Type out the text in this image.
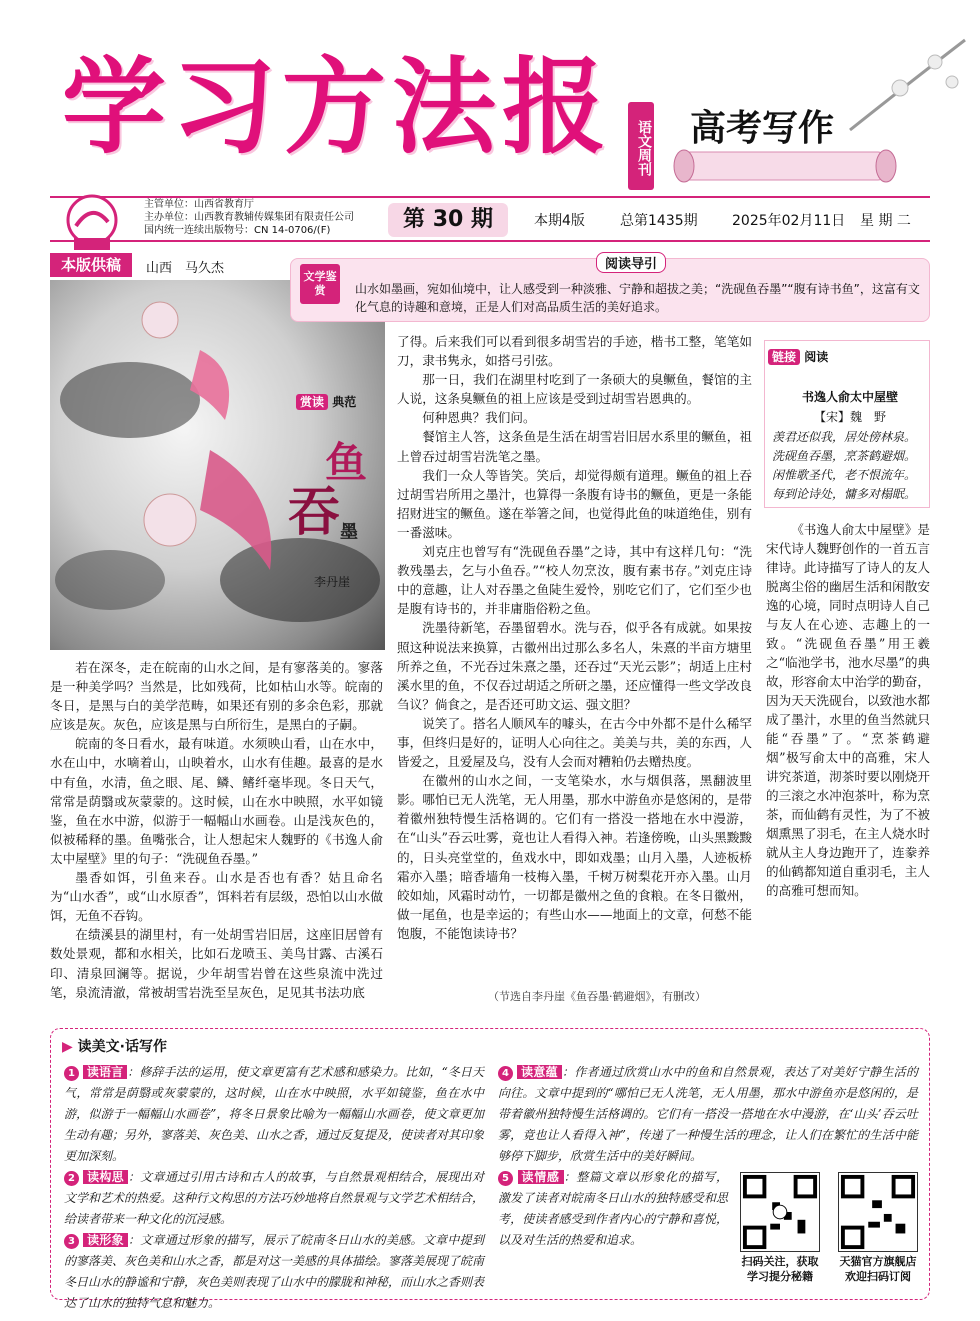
学习方法报	语文周刊 高考写作
主管单位：山西省教育厅
主办单位：山西教育教辅传媒集团有限责任公司
国内统一连续出版物号：CN 14-0706/(F)	第 30 期	本期4版	总第1435期 2025年02月11日 星 期 二
本版供稿	山西　马久杰
文学鉴赏
阅读导引
山水如墨画，宛如仙境中，让人感受到一种淡雅、宁静和超拔之美；“洗砚鱼吞墨”“腹有诗书鱼”，这富有文化气息的诗趣和意境，正是人们对高品质生活的美好追求。
赏读 典范
鱼
吞 墨
李丹崖

若在深冬，走在皖南的山水之间，是有寥落美的。寥落是一种美学吗？当然是，比如残荷，比如枯山水等。皖南的冬日，是黑与白的美学范畴，如果还有别的多余色彩，那就应该是灰。灰色，应该是黑与白所衍生，是黑白的子嗣。

皖南的冬日看水，最有味道。水须映山看，山在水中，水在山中，水嘀着山，山映着水，山水有佳趣。最喜的是水中有鱼，水清，鱼之眼、尾、鳞、鳍纤毫毕现。冬日天气，常常是荫翳或灰蒙蒙的。这时候，山在水中映照，水平如镜鉴，鱼在水中游，似游于一幅幅山水画卷。山是浅灰色的，似被稀释的墨。鱼嘴张合，让人想起宋人魏野的《书逸人俞太中屋壁》里的句子：“洗砚鱼吞墨。”

墨香如饵，引鱼来吞。山水是否也有香？姑且命名为“山水香”，或“山水原香”，饵料若有层级，恐怕以山水做饵，无鱼不吞钩。

在绩溪县的湖里村，有一处胡雪岩旧居，这座旧居曾有数处景观，都和水相关，比如石龙喷玉、美鸟甘露、古溪石印、清泉回澜等。据说，少年胡雪岩曾在这些泉流中洗过笔，泉流清澈，常被胡雪岩洗至呈灰色，足见其书法功底

了得。后来我们可以看到很多胡雪岩的手迹，楷书工整，笔笔如刀，隶书隽永，如搭弓引弦。

那一日，我们在湖里村吃到了一条硕大的臭鳜鱼，餐馆的主人说，这条臭鳜鱼的祖上应该是受到过胡雪岩恩典的。

何种恩典？我们问。

餐馆主人答，这条鱼是生活在胡雪岩旧居水系里的鳜鱼，祖上曾吞过胡雪岩洗笔之墨。

我们一众人等皆笑。笑后，却觉得颇有道理。鳜鱼的祖上吞过胡雪岩所用之墨汁，也算得一条腹有诗书的鳜鱼，更是一条能招财进宝的鳜鱼。遂在举箸之间，也觉得此鱼的味道绝佳，别有一番滋味。

刘克庄也曾写有“洗砚鱼吞墨”之诗，其中有这样几句：“洗教残墨去，乞与小鱼吞。”“校人勿烹汝，腹有素书存。”刘克庄诗中的意趣，让人对吞墨之鱼陡生爱怜，别吃它们了，它们至少也是腹有诗书的，并非庸脂俗粉之鱼。

洗墨待新笔，吞墨留碧水。洗与吞，似乎各有成就。如果按照这种说法来换算，古徽州出过那么多名人，朱熹的半亩方塘里所养之鱼，不光吞过朱熹之墨，还吞过“天光云影”；胡适上庄村溪水里的鱼，不仅吞过胡适之所研之墨，还应懂得一些文学改良刍议？倘食之，是否还可助文运、强文胆？

说笑了。搭名人顺风车的噱头，在古今中外都不是什么稀罕事，但终归是好的，证明人心向往之。美美与共，美的东西，人皆爱之，且爱屋及乌，没有人会而对糟粕仍去赠热度。

在徽州的山水之间，一支笔染水，水与烟俱落，黑翻波里影。哪怕已无人洗笔，无人用墨，那水中游鱼亦是悠闲的，是带着徽州独特慢生活格调的。它们有一搭没一搭地在水中漫游，在“山头”吞云吐雾，竟也让人看得入神。若逢傍晚，山头黑黢黢的，日头亮堂堂的，鱼戏水中，即如戏墨；山月入墨，人迹板桥霜亦入墨；暗香墙角一枝梅入墨，千树万树梨花开亦入墨。山月皎如灿，风霜时动竹，一切都是徽州之鱼的食粮。在冬日徽州，做一尾鱼，也是幸运的；有些山水——地面上的文章，何愁不能饱腹，不能饱读诗书？

（节选自李丹崖《鱼吞墨·鹤避烟》，有删改）
链接 阅读
书逸人俞太中屋壁
【宋】魏　野
羡君还似我，居处傍林泉。
洗砚鱼吞墨，烹茶鹤避烟。
闲惟歌圣代，老不恨流年。
每到论诗处，慵多对榻眠。
《书逸人俞太中屋壁》是宋代诗人魏野创作的一首五言律诗。此诗描写了诗人的友人脱离尘俗的幽居生活和闲散安逸的心境，同时点明诗人自己与友人在心迹、志趣上的一致。“洗砚鱼吞墨”用王羲之“临池学书，池水尽墨”的典故，形容俞太中治学的勤奋，因为天天洗砚台，以致池水都成了墨汁，水里的鱼当然就只能“吞墨”了。“烹茶鹤避烟”极写俞太中的高雅，宋人讲究茶道，沏茶时要以刚烧开的三滚之水冲泡茶叶，称为烹茶，而仙鹤有灵性，为了不被烟熏黑了羽毛，在主人烧水时就从主人身边跑开了，连豢养的仙鹤都知道自重羽毛，主人的高雅可想而知。
▶ 读美文·话写作
1 读语言 ：修辞手法的运用，使文章更富有艺术感和感染力。比如，“冬日天气，常常是荫翳或灰蒙蒙的，这时候，山在水中映照，水平如镜鉴，鱼在水中游，似游于一幅幅山水画卷”，将冬日景象比喻为一幅幅山水画卷，使文章更加生动有趣；另外，寥落美、灰色美、山水之香，通过反复提及，使读者对其印象更加深刻。
2 读构思 ：文章通过引用古诗和古人的故事，与自然景观相结合，展现出对文学和艺术的热爱。这种行文构思的方法巧妙地将自然景观与文学艺术相结合，给读者带来一种文化的沉浸感。
3 读形象 ：文章通过形象的描写，展示了皖南冬日山水的美感。文章中提到的寥落美、灰色美和山水之香，都是对这一美感的具体描绘。寥落美展现了皖南冬日山水的静谧和宁静，灰色美则表现了山水中的朦胧和神秘，而山水之香则表达了山水的独特气息和魅力。
4 读意蕴 ：作者通过欣赏山水中的鱼和自然景观，表达了对美好宁静生活的向往。文章中提到的“哪怕已无人洗笔，无人用墨，那水中游鱼亦是悠闲的，是带着徽州独特慢生活格调的。它们有一搭没一搭地在水中漫游，在‘山头’吞云吐雾，竟也让人看得入神”，传递了一种慢生活的理念，让人们在繁忙的生活中能够停下脚步，欣赏生活中的美好瞬间。
5 读情感 ：整篇文章以形象化的描写，激发了读者对皖南冬日山水的独特感受和思考，使读者感受到作者内心的宁静和喜悦，以及对生活的热爱和追求。
扫码关注，获取
学习提分秘籍
天猫官方旗舰店
欢迎扫码订阅
